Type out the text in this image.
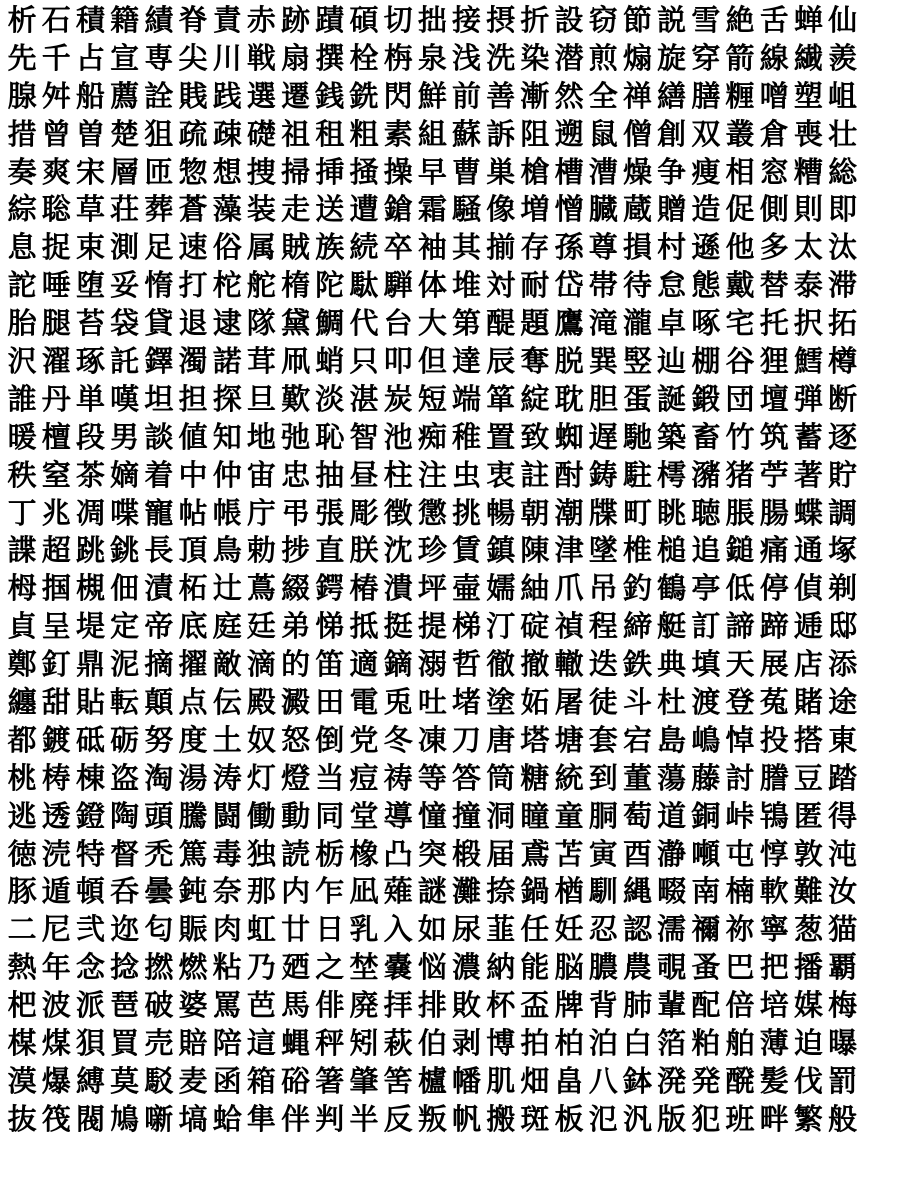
析 石 積 籍 績 脊 責 赤 跡 蹟 碩 切 拙 接 摂 折 設 窃 節 説 雪 絶 舌 蝉 仙
先 千 占 宣 専 尖 川 戦 扇 撰 栓 栴 泉 浅 洗 染 潜 煎 煽 旋 穿 箭 線 繊 羨
腺 舛 船 薦 詮 賎 践 選 遷 銭 銑 閃 鮮 前 善 漸 然 全 禅 繕 膳 糎 噌 塑 岨
措 曾 曽 楚 狙 疏 疎 礎 祖 租 粗 素 組 蘇 訴 阻 遡 鼠 僧 創 双 叢 倉 喪 壮
奏 爽 宋 層 匝 惣 想 捜 掃 挿 掻 操 早 曹 巣 槍 槽 漕 燥 争 痩 相 窓 糟 総
綜 聡 草 荘 葬 蒼 藻 装 走 送 遭 鎗 霜 騒 像 増 憎 臓 蔵 贈 造 促 側 則 即
息 捉 束 測 足 速 俗 属 賊 族 続 卒 袖 其 揃 存 孫 尊 損 村 遜 他 多 太 汰
詑 唾 堕 妥 惰 打 柁 舵 楕 陀 駄 騨 体 堆 対 耐 岱 帯 待 怠 態 戴 替 泰 滞
胎 腿 苔 袋 貸 退 逮 隊 黛 鯛 代 台 大 第 醍 題 鷹 滝 瀧 卓 啄 宅 托 択 拓
沢 濯 琢 託 鐸 濁 諾 茸 凧 蛸 只 叩 但 達 辰 奪 脱 巽 竪 辿 棚 谷 狸 鱈 樽
誰 丹 単 嘆 坦 担 探 旦 歎 淡 湛 炭 短 端 箪 綻 耽 胆 蛋 誕 鍛 団 壇 弾 断
暖 檀 段 男 談 値 知 地 弛 恥 智 池 痴 稚 置 致 蜘 遅 馳 築 畜 竹 筑 蓄 逐
秩 窒 茶 嫡 着 中 仲 宙 忠 抽 昼 柱 注 虫 衷 註 酎 鋳 駐 樗 瀦 猪 苧 著 貯
丁 兆 凋 喋 寵 帖 帳 庁 弔 張 彫 徴 懲 挑 暢 朝 潮 牒 町 眺 聴 脹 腸 蝶 調
諜 超 跳 銚 長 頂 鳥 勅 捗 直 朕 沈 珍 賃 鎮 陳 津 墜 椎 槌 追 鎚 痛 通 塚
栂 掴 槻 佃 漬 柘 辻 蔦 綴 鍔 椿 潰 坪 壷 嬬 紬 爪 吊 釣 鶴 亭 低 停 偵 剃
貞 呈 堤 定 帝 底 庭 廷 弟 悌 抵 挺 提 梯 汀 碇 禎 程 締 艇 訂 諦 蹄 逓 邸
鄭 釘 鼎 泥 摘 擢 敵 滴 的 笛 適 鏑 溺 哲 徹 撤 轍 迭 鉄 典 填 天 展 店 添
纏 甜 貼 転 顛 点 伝 殿 澱 田 電 兎 吐 堵 塗 妬 屠 徒 斗 杜 渡 登 菟 賭 途
都 鍍 砥 砺 努 度 土 奴 怒 倒 党 冬 凍 刀 唐 塔 塘 套 宕 島 嶋 悼 投 搭 東
桃 梼 棟 盗 淘 湯 涛 灯 燈 当 痘 祷 等 答 筒 糖 統 到 董 蕩 藤 討 謄 豆 踏
逃 透 鐙 陶 頭 騰 闘 働 動 同 堂 導 憧 撞 洞 瞳 童 胴 萄 道 銅 峠 鴇 匿 得
徳 涜 特 督 禿 篤 毒 独 読 栃 橡 凸 突 椴 届 鳶 苫 寅 酉 瀞 噸 屯 惇 敦 沌
豚 遁 頓 呑 曇 鈍 奈 那 内 乍 凪 薙 謎 灘 捺 鍋 楢 馴 縄 畷 南 楠 軟 難 汝
二 尼 弐 迩 匂 賑 肉 虹 廿 日 乳 入 如 尿 韮 任 妊 忍 認 濡 禰 祢 寧 葱 猫
熱 年 念 捻 撚 燃 粘 乃 廼 之 埜 嚢 悩 濃 納 能 脳 膿 農 覗 蚤 巴 把 播 覇
杷 波 派 琶 破 婆 罵 芭 馬 俳 廃 拝 排 敗 杯 盃 牌 背 肺 輩 配 倍 培 媒 梅
楳 煤 狽 買 売 賠 陪 這 蝿 秤 矧 萩 伯 剥 博 拍 柏 泊 白 箔 粕 舶 薄 迫 曝
漠 爆 縛 莫 駁 麦 函 箱 硲 箸 肇 筈 櫨 幡 肌 畑 畠 八 鉢 溌 発 醗 髪 伐 罰
抜 筏 閥 鳩 噺 塙 蛤 隼 伴 判 半 反 叛 帆 搬 斑 板 氾 汎 版 犯 班 畔 繁 般
